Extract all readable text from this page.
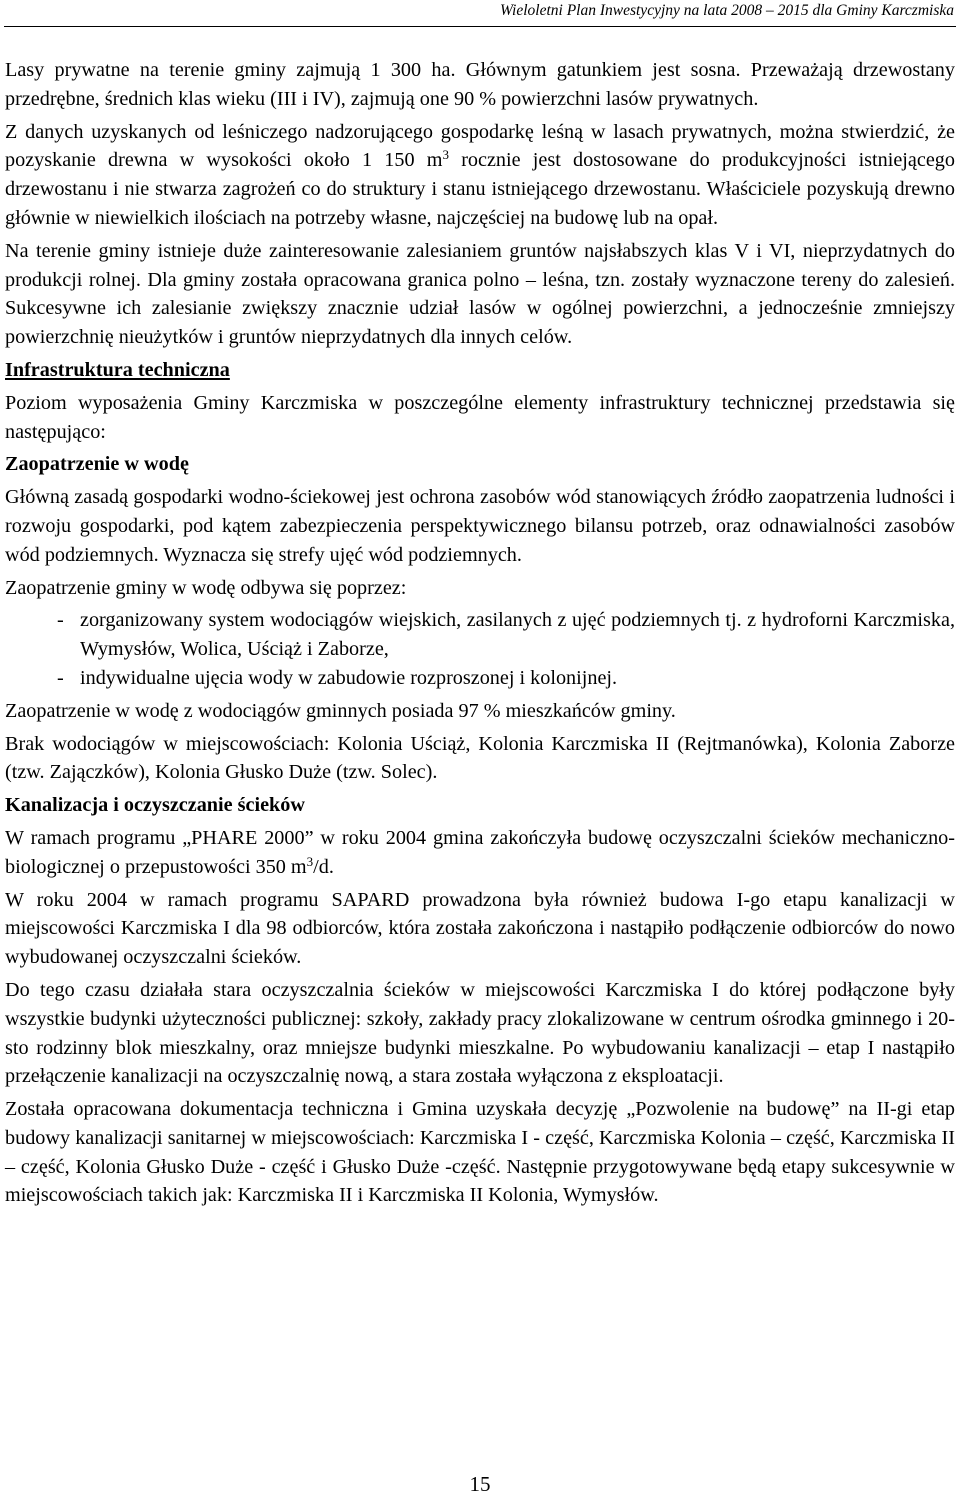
Wieloletni Plan Inwestycyjny na lata 2008 – 2015 dla Gminy Karczmiska

Lasy prywatne na terenie gminy zajmują 1 300 ha. Głównym gatunkiem jest sosna. Przeważają drzewostany przedrębne, średnich klas wieku (III i IV), zajmują one 90 % powierzchni lasów prywatnych.

Z danych uzyskanych od leśniczego nadzorującego gospodarkę leśną w lasach prywatnych, można stwierdzić, że pozyskanie drewna w wysokości około 1 150 $m^3$ rocznie jest dostosowane do produkcyjności istniejącego drzewostanu i nie stwarza zagrożeń co do struktury i stanu istniejącego drzewostanu. Właściciele pozyskują drewno głównie w niewielkich ilościach na potrzeby własne, najczęściej na budowę lub na opał.

Na terenie gminy istnieje duże zainteresowanie zalesianiem gruntów najsłabszych klas V i VI, nieprzydatnych do produkcji rolnej. Dla gminy została opracowana granica polno – leśna, tzn. zostały wyznaczone tereny do zalesień. Sukcesywne ich zalesianie zwiększy znacznie udział lasów w ogólnej powierzchni, a jednocześnie zmniejszy powierzchnię nieużytków i gruntów nieprzydatnych dla innych celów.

Infrastruktura techniczna

Poziom wyposażenia Gminy Karczmiska w poszczególne elementy infrastruktury technicznej przedstawia się następująco:

Zaopatrzenie w wodę

Główną zasadą gospodarki wodno-ściekowej jest ochrona zasobów wód stanowiących źródło zaopatrzenia ludności i rozwoju gospodarki, pod kątem zabezpieczenia perspektywicznego bilansu potrzeb, oraz odnawialności zasobów wód podziemnych. Wyznacza się strefy ujęć wód podziemnych.

Zaopatrzenie gminy w wodę odbywa się poprzez:

- zorganizowany system wodociągów wiejskich, zasilanych z ujęć podziemnych tj. z hydroforni Karczmiska, Wymysłów, Wolica, Uściąż i Zaborze,
- indywidualne ujęcia wody w zabudowie rozproszonej i kolonijnej.

Zaopatrzenie w wodę z wodociągów gminnych posiada 97 % mieszkańców gminy.

Brak wodociągów w miejscowościach: Kolonia Uściąż, Kolonia Karczmiska II (Rejtmanówka), Kolonia Zaborze (tzw. Zajączków), Kolonia Głusko Duże (tzw. Solec).

Kanalizacja i oczyszczanie ścieków

W ramach programu „PHARE 2000” w roku 2004 gmina zakończyła budowę oczyszczalni ścieków mechaniczno-biologicznej o przepustowości 350 $m^3/d$.

W roku 2004 w ramach programu SAPARD prowadzona była również budowa I-go etapu kanalizacji w miejscowości Karczmiska I dla 98 odbiorców, która została zakończona i nastąpiło podłączenie odbiorców do nowo wybudowanej oczyszczalni ścieków.

Do tego czasu działała stara oczyszczalnia ścieków w miejscowości Karczmiska I do której podłączone były wszystkie budynki użyteczności publicznej: szkoły, zakłady pracy zlokalizowane w centrum ośrodka gminnego i 20-sto rodzinny blok mieszkalny, oraz mniejsze budynki mieszkalne. Po wybudowaniu kanalizacji – etap I nastąpiło przełączenie kanalizacji na oczyszczalnię nową, a stara została wyłączona z eksploatacji.

Została opracowana dokumentacja techniczna i Gmina uzyskała decyzję „Pozwolenie na budowę” na II-gi etap budowy kanalizacji sanitarnej w miejscowościach: Karczmiska I - część, Karczmiska Kolonia – część, Karczmiska II – część, Kolonia Głusko Duże - część i Głusko Duże -część. Następnie przygotowywane będą etapy sukcesywnie w miejscowościach takich jak: Karczmiska II i Karczmiska II Kolonia, Wymysłów.

15
